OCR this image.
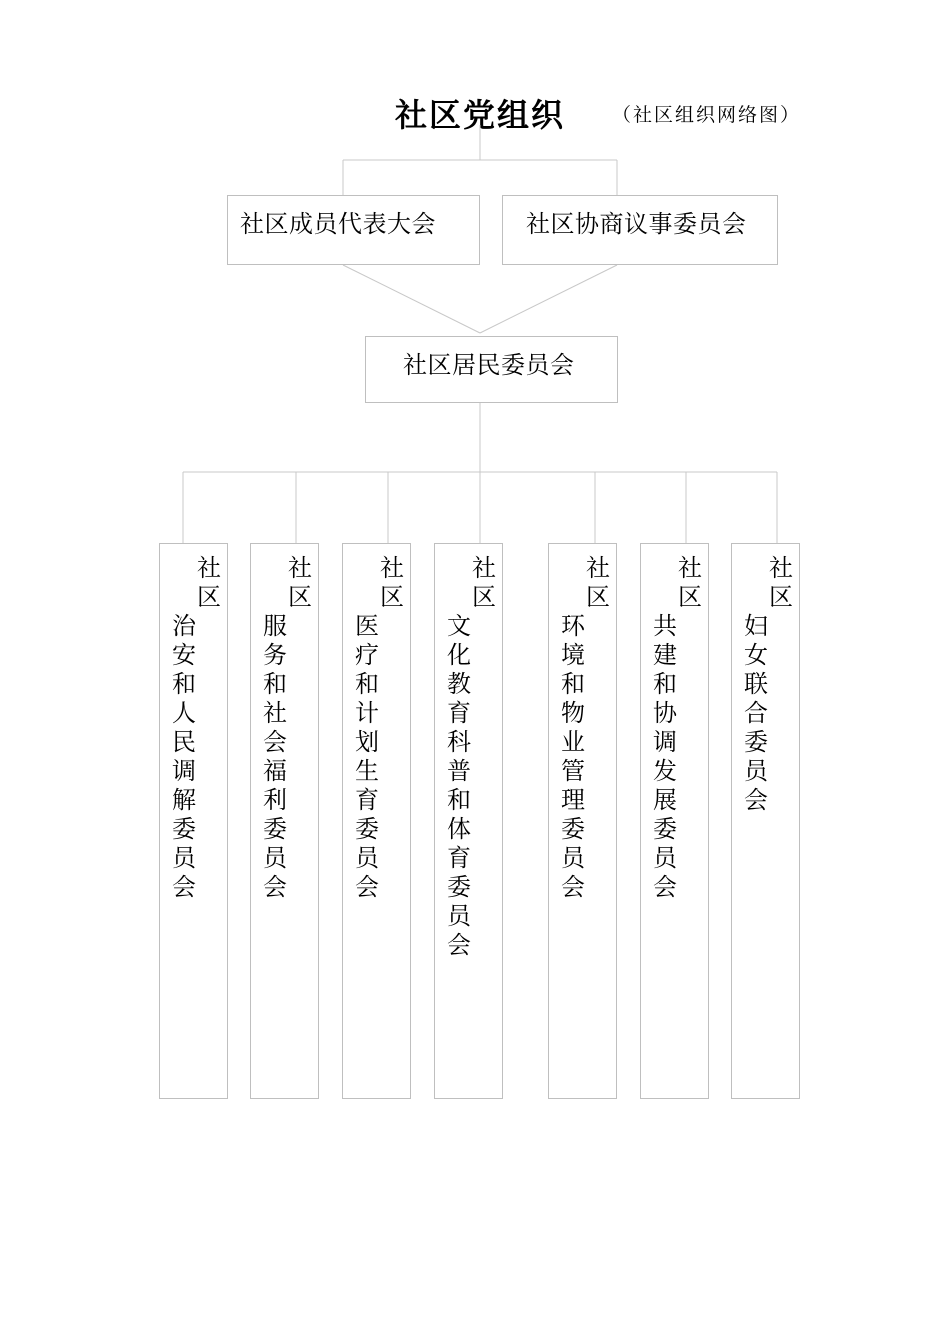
社区党组织 （社区组织网络图）
社区成员代表大会	社区协商议事委员会
社区居民委员会
社区
治安和人民调解委员会
社区
服务和社会福利委员会
社区
医疗和计划生育委员会
社区
文化教育科普和体育委员会
社区
环境和物业管理委员会
社区
共建和协调发展委员会
社区
妇女联合委员会
